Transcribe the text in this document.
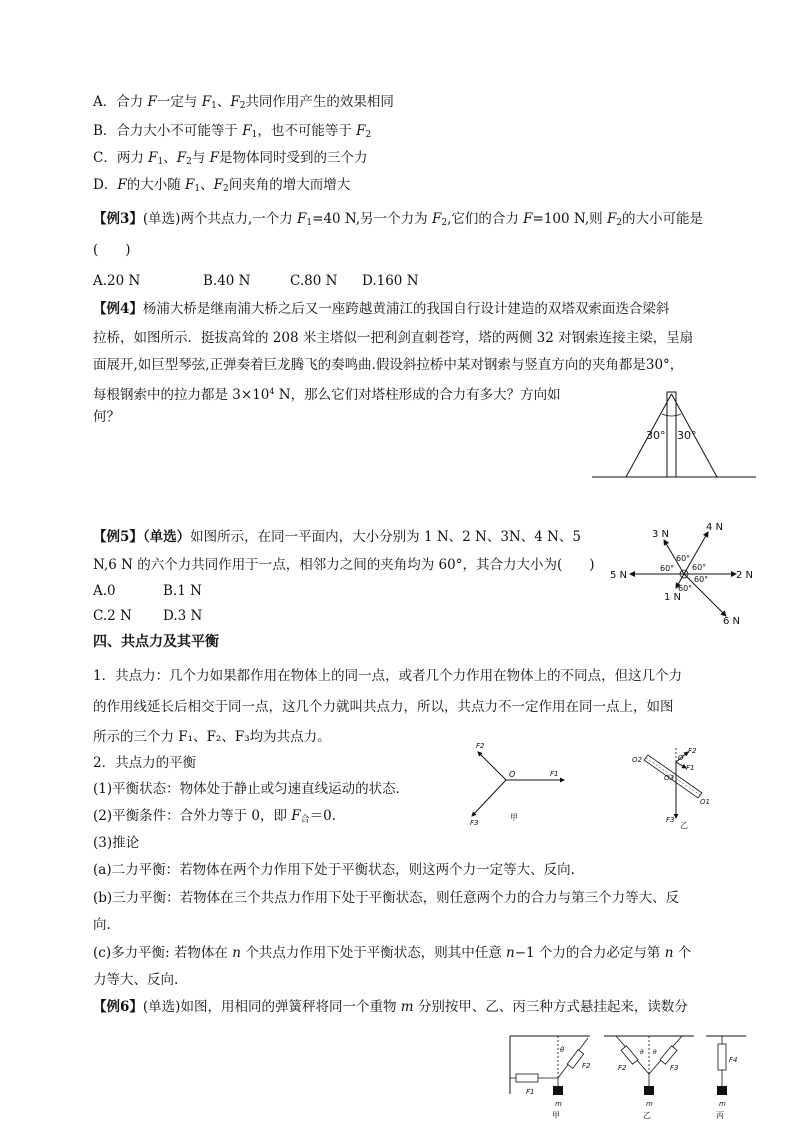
A．合力 F一定与 $F_1$、$F_2$共同作用产生的效果相同
B．合力大小不可能等于 $F_1$，也不可能等于 $F_2$
C．两力 $F_1$、$F_2$与 F是物体同时受到的三个力
D．F的大小随 $F_1$、$F_2$间夹角的增大而增大
【例3】(单选)两个共点力,一个力 $F_1=40$ N,另一个力为 $F_2$,它们的合力 F=100 N,则 $F_2$的大小可能是
(　　)
A.20 N	B.40 N	C.80 N D.160 N
【例4】杨浦大桥是继南浦大桥之后又一座跨越黄浦江的我国自行设计建造的双塔双索面迭合梁斜
拉桥，如图所示．挺拔高耸的 208 米主塔似一把利剑直刺苍穹，塔的两侧 32 对钢索连接主梁，呈扇
面展开,如巨型琴弦,正弹奏着巨龙腾飞的奏鸣曲.假设斜拉桥中某对钢索与竖直方向的夹角都是30°，
每根钢索中的拉力都是 $3\times 10^4$ N，那么它们对塔柱形成的合力有多大？方向如
何？
30° 30°
【例5】（单选）如图所示，在同一平面内，大小分别为 1 N、2 N、3N、4 N、5
N,6 N 的六个力共同作用于一点，相邻力之间的夹角均为 60°，其合力大小为(　　)
A.0	B.1 N
C.2 N D.3 N
2 N
4 N
3 N
5 N
1 N
6 N
60°
60°
60°
60°
60°
四、共点力及其平衡
1．共点力：几个力如果都作用在物体上的同一点，或者几个力作用在物体上的不同点，但这几个力
的作用线延长后相交于同一点，这几个力就叫共点力，所以，共点力不一定作用在同一点上，如图
所示的三个力 F₁、F₂、F₃均为共点力。
2．共点力的平衡
(1)平衡状态：物体处于静止或匀速直线运动的状态．
(2)平衡条件：合外力等于 0，即 $F_合=0$.
(3)推论
(a)二力平衡：若物体在两个力作用下处于平衡状态，则这两个力一定等大、反向.
(b)三力平衡：若物体在三个共点力作用下处于平衡状态，则任意两个力的合力与第三个力等大、反
向.
(c)多力平衡: 若物体在 n 个共点力作用下处于平衡状态，则其中任意 n−1 个力的合力必定与第 n 个
力等大、反向.
F2
F1
F3
O
甲
F2
F1
F3
O
O2
O3
O1
乙
【例6】(单选)如图，用相同的弹簧秤将同一个重物 m 分别按甲、乙、丙三种方式悬挂起来，读数分
F1
F2
θ
m
甲
F2	F3
θ θ
m
乙
F4
m
丙
